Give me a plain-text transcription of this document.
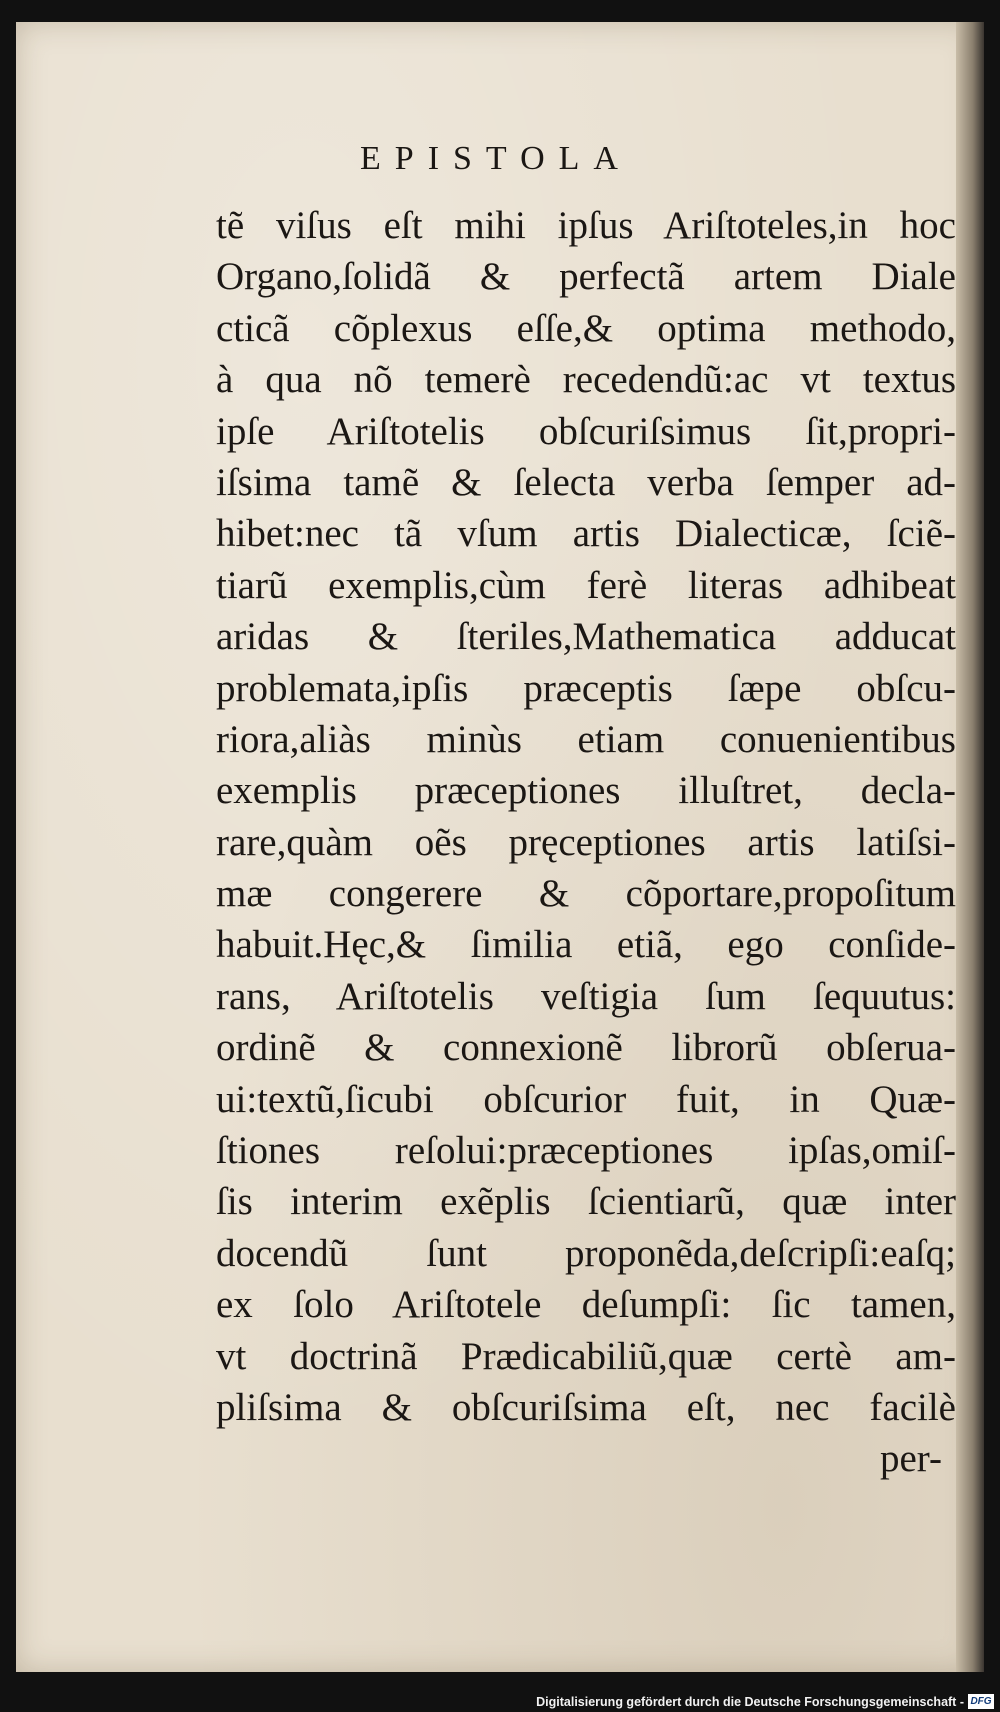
EPISTOLA
tẽ viſus eſt mihi ipſus Ariſtoteles,in hoc
Organo,ſolidã & perfectã artem Diale
cticã cõplexus eſſe,& optima methodo,
à qua nõ temerè recedendũ:ac vt textus
ipſe Ariſtotelis obſcuriſsimus ſit,propri-
iſsima tamẽ & ſelecta verba ſemper ad-
hibet:nec tã vſum artis Dialecticæ, ſciẽ-
tiarũ exemplis,cùm ferè literas adhibeat
aridas & ſteriles,Mathematica adducat
problemata,ipſis præceptis ſæpe obſcu-
riora,aliàs minùs etiam conuenientibus
exemplis præceptiones illuſtret, decla-
rare,quàm oẽs pręceptiones artis latiſsi-
mæ congerere & cõportare,propoſitum
habuit.Hęc,& ſimilia etiã, ego conſide-
rans, Ariſtotelis veſtigia ſum ſequutus:
ordinẽ & connexionẽ librorũ obſerua-
ui:textũ,ſicubi obſcurior fuit, in Quæ-
ſtiones reſolui:præceptiones ipſas,omiſ-
ſis interim exẽplis ſcientiarũ, quæ inter
docendũ ſunt proponẽda,deſcripſi:eaſq;
ex ſolo Ariſtotele deſumpſi: ſic tamen,
vt doctrinã Prædicabiliũ,quæ certè am-
pliſsima & obſcuriſsima eſt, nec facilè
per-
Digitalisierung gefördert durch die Deutsche Forschungsgemeinschaft - DFG
